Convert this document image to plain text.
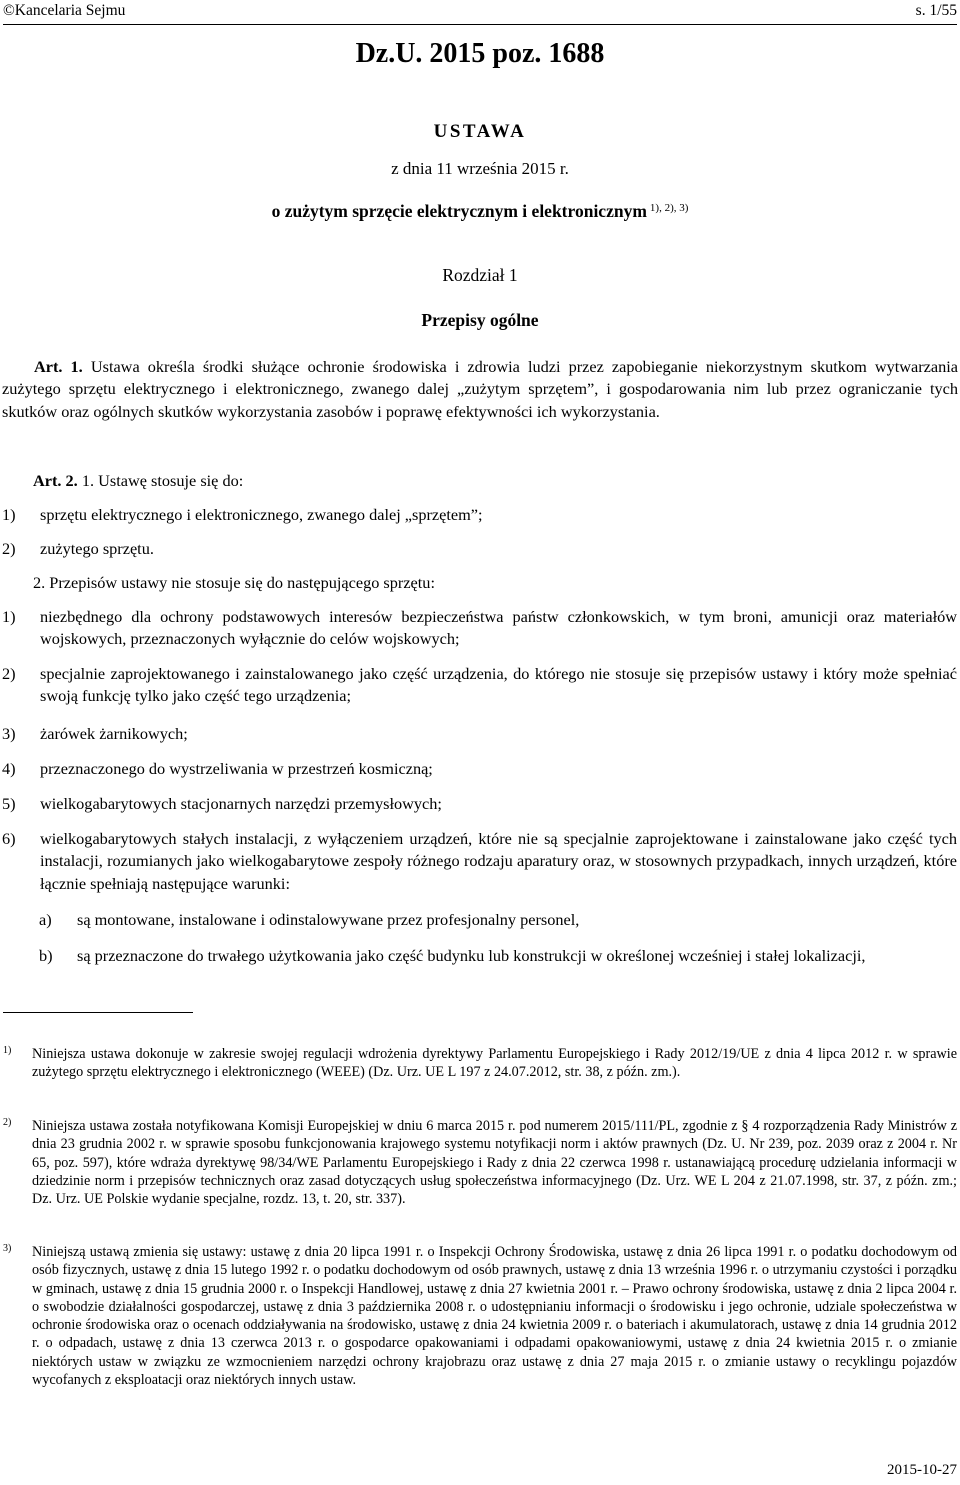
©Kancelaria Sejmu	s. 1/55
Dz.U. 2015 poz. 1688
USTAWA
z dnia 11 września 2015 r.
o zużytym sprzęcie elektrycznym i elektronicznym $^{1), 2), 3)}$
Rozdział 1
Przepisy ogólne
Art. 1. Ustawa określa środki służące ochronie środowiska i zdrowia ludzi przez zapobieganie niekorzystnym skutkom wytwarzania zużytego sprzętu elektrycznego i elektronicznego, zwanego dalej „zużytym sprzętem”, i gospodarowania nim lub przez ograniczanie tych skutków oraz ogólnych skutków wykorzystania zasobów i poprawę efektywności ich wykorzystania.
Art. 2. 1. Ustawę stosuje się do:
1) sprzętu elektrycznego i elektronicznego, zwanego dalej „sprzętem”;
2) zużytego sprzętu.
2. Przepisów ustawy nie stosuje się do następującego sprzętu:
1) niezbędnego dla ochrony podstawowych interesów bezpieczeństwa państw członkowskich, w tym broni, amunicji oraz materiałów wojskowych, przeznaczonych wyłącznie do celów wojskowych;
2) specjalnie zaprojektowanego i zainstalowanego jako część urządzenia, do którego nie stosuje się przepisów ustawy i który może spełniać swoją funkcję tylko jako część tego urządzenia;
3) żarówek żarnikowych;
4) przeznaczonego do wystrzeliwania w przestrzeń kosmiczną;
5) wielkogabarytowych stacjonarnych narzędzi przemysłowych;
6) wielkogabarytowych stałych instalacji, z wyłączeniem urządzeń, które nie są specjalnie zaprojektowane i zainstalowane jako część tych instalacji, rozumianych jako wielkogabarytowe zespoły różnego rodzaju aparatury oraz, w stosownych przypadkach, innych urządzeń, które łącznie spełniają następujące warunki:
a) są montowane, instalowane i odinstalowywane przez profesjonalny personel,
b) są przeznaczone do trwałego użytkowania jako część budynku lub konstrukcji w określonej wcześniej i stałej lokalizacji,
1) Niniejsza ustawa dokonuje w zakresie swojej regulacji wdrożenia dyrektywy Parlamentu Europejskiego i Rady 2012/19/UE z dnia 4 lipca 2012 r. w sprawie zużytego sprzętu elektrycznego i elektronicznego (WEEE) (Dz. Urz. UE L 197 z 24.07.2012, str. 38, z późn. zm.).
2) Niniejsza ustawa została notyfikowana Komisji Europejskiej w dniu 6 marca 2015 r. pod numerem 2015/111/PL, zgodnie z § 4 rozporządzenia Rady Ministrów z dnia 23 grudnia 2002 r. w sprawie sposobu funkcjonowania krajowego systemu notyfikacji norm i aktów prawnych (Dz. U. Nr 239, poz. 2039 oraz z 2004 r. Nr 65, poz. 597), które wdraża dyrektywę 98/34/WE Parlamentu Europejskiego i Rady z dnia 22 czerwca 1998 r. ustanawiającą procedurę udzielania informacji w dziedzinie norm i przepisów technicznych oraz zasad dotyczących usług społeczeństwa informacyjnego (Dz. Urz. WE L 204 z 21.07.1998, str. 37, z późn. zm.; Dz. Urz. UE Polskie wydanie specjalne, rozdz. 13, t. 20, str. 337).
3) Niniejszą ustawą zmienia się ustawy: ustawę z dnia 20 lipca 1991 r. o Inspekcji Ochrony Środowiska, ustawę z dnia 26 lipca 1991 r. o podatku dochodowym od osób fizycznych, ustawę z dnia 15 lutego 1992 r. o podatku dochodowym od osób prawnych, ustawę z dnia 13 września 1996 r. o utrzymaniu czystości i porządku w gminach, ustawę z dnia 15 grudnia 2000 r. o Inspekcji Handlowej, ustawę z dnia 27 kwietnia 2001 r. – Prawo ochrony środowiska, ustawę z dnia 2 lipca 2004 r. o swobodzie działalności gospodarczej, ustawę z dnia 3 października 2008 r. o udostępnianiu informacji o środowisku i jego ochronie, udziale społeczeństwa w ochronie środowiska oraz o ocenach oddziaływania na środowisko, ustawę z dnia 24 kwietnia 2009 r. o bateriach i akumulatorach, ustawę z dnia 14 grudnia 2012 r. o odpadach, ustawę z dnia 13 czerwca 2013 r. o gospodarce opakowaniami i odpadami opakowaniowymi, ustawę z dnia 24 kwietnia 2015 r. o zmianie niektórych ustaw w związku ze wzmocnieniem narzędzi ochrony krajobrazu oraz ustawę z dnia 27 maja 2015 r. o zmianie ustawy o recyklingu pojazdów wycofanych z eksploatacji oraz niektórych innych ustaw.
2015-10-27
